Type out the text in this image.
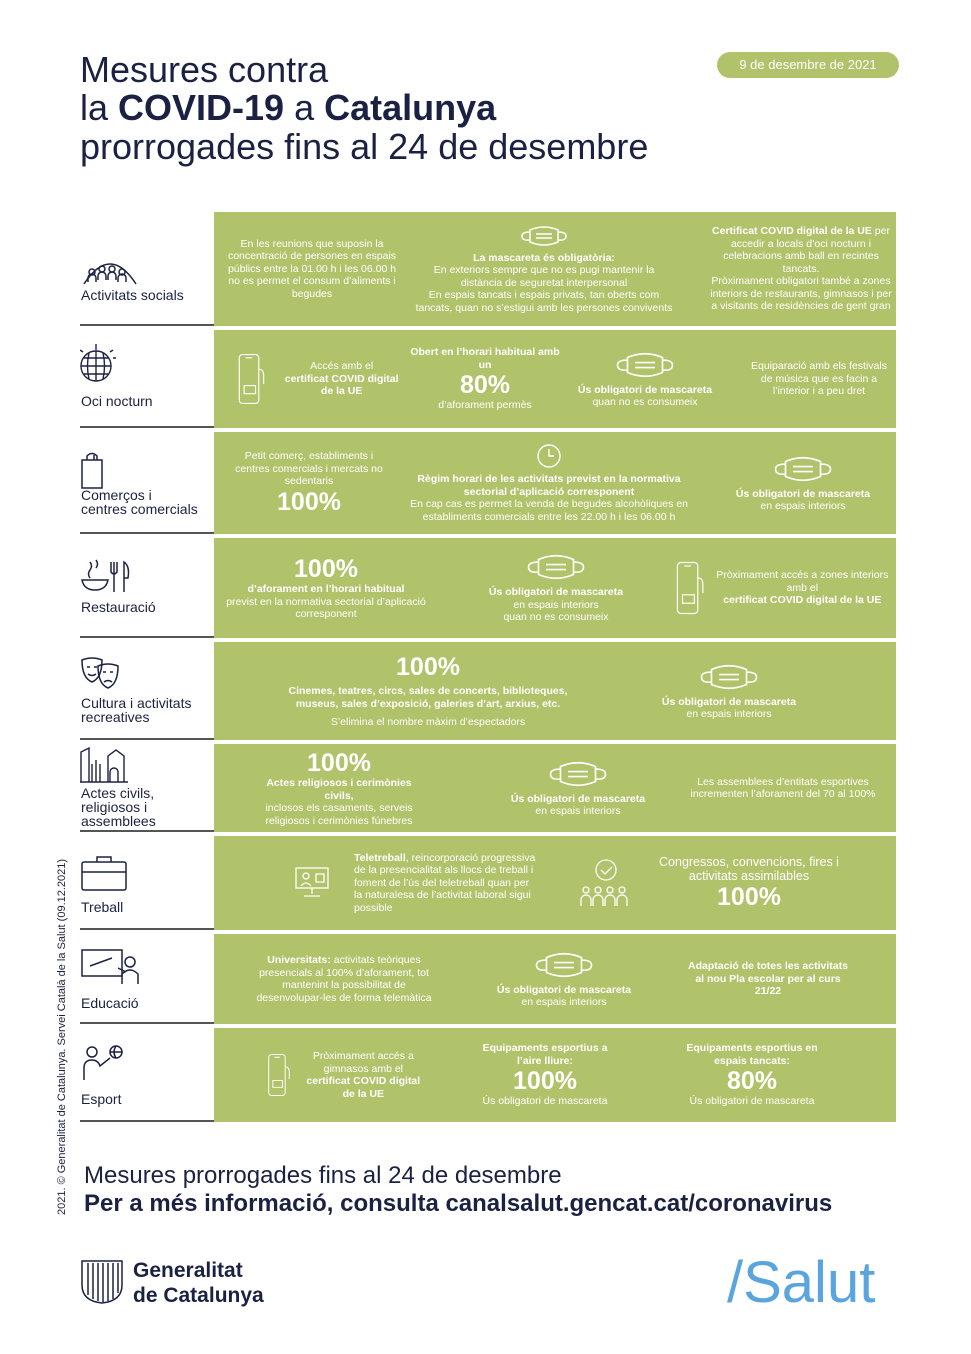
Mesures contra
la COVID-19 a Catalunya
prorrogades fins al 24 de desembre
9 de desembre de 2021
Activitats socials
En les reunions que suposin la concentració de persones en espais públics entre la 01.00 h i les 06.00 h no es permet el consum d’aliments i begudes
La mascareta és obligatòria:
En exteriors sempre que no es pugi mantenir la distància de seguretat interpersonal
En espais tancats i espais privats, tan oberts com tancats, quan no s’estigui amb les persones convivents
Certificat COVID digital de la UE per accedir a locals d’oci nocturn i celebracions amb ball en recintes tancats.
Pròximament obligatori també a zones interiors de restaurants, gimnasos i per a visitants de residències de gent gran
Oci nocturn
Accés amb el
certificat COVID digital de la UE
Obert en l’horari habitual amb un
80%
d’aforament permès
Ús obligatori de mascareta
quan no es consumeix
Equiparació amb els festivals de música que es facin a l’interior i a peu dret
Comerços i
centres comercials
Petit comerç, establiments i centres comercials i mercats no sedentaris
100%
Règim horari de les activitats previst en la normativa sectorial d’aplicació corresponent
En cap cas es permet la venda de begudes alcohòliques en establiments comercials entre les 22.00 h i les 06.00 h
Ús obligatori de mascareta
en espais interiors
Restauració
100%
d’aforament en l’horari habitual
previst en la normativa sectorial d’aplicació corresponent
Ús obligatori de mascareta
en espais interiors
quan no es consumeix
Pròximament accés a zones interiors amb el
certificat COVID digital de la UE
Cultura i activitats
recreatives
100%
Cinemes, teatres, circs, sales de concerts, biblioteques, museus, sales d’exposició, galeries d’art, arxius, etc.
S’elimina el nombre màxim d’espectadors
Ús obligatori de mascareta
en espais interiors
Actes civils,
religiosos i
assemblees
100%
Actes religiosos i cerimònies civils,
inclosos els casaments, serveis religiosos i cerimònies fúnebres
Ús obligatori de mascareta
en espais interiors
Les assemblees d’entitats esportives incrementen l’aforament del 70 al 100%
Treball
Teletreball, reincorporació progressiva de la presencialitat als llocs de treball i foment de l’ús del teletreball quan per la naturalesa de l’activitat laboral sigui possible
Congressos, convencions, fires i activitats assimilables
100%
Educació
Universitats: activitats teòriques presencials al 100% d’aforament, tot mantenint la possibilitat de desenvolupar-les de forma telemàtica
Ús obligatori de mascareta
en espais interiors
Adaptació de totes les activitats al nou Pla escolar per al curs 21/22
Esport
Pròximament accés a gimnasos amb el
certificat COVID digital de la UE
Equipaments esportius a l’aire lliure:
100%
Ús obligatori de mascareta
Equipaments esportius en espais tancats:
80%
Ús obligatori de mascareta
2021. © Generalitat de Catalunya. Servei Català de la Salut (09.12.2021) Mesures prorrogades fins al 24 de desembre
Per a més informació, consulta canalsalut.gencat.cat/coronavirus
Generalitat
de Catalunya	/Salut
